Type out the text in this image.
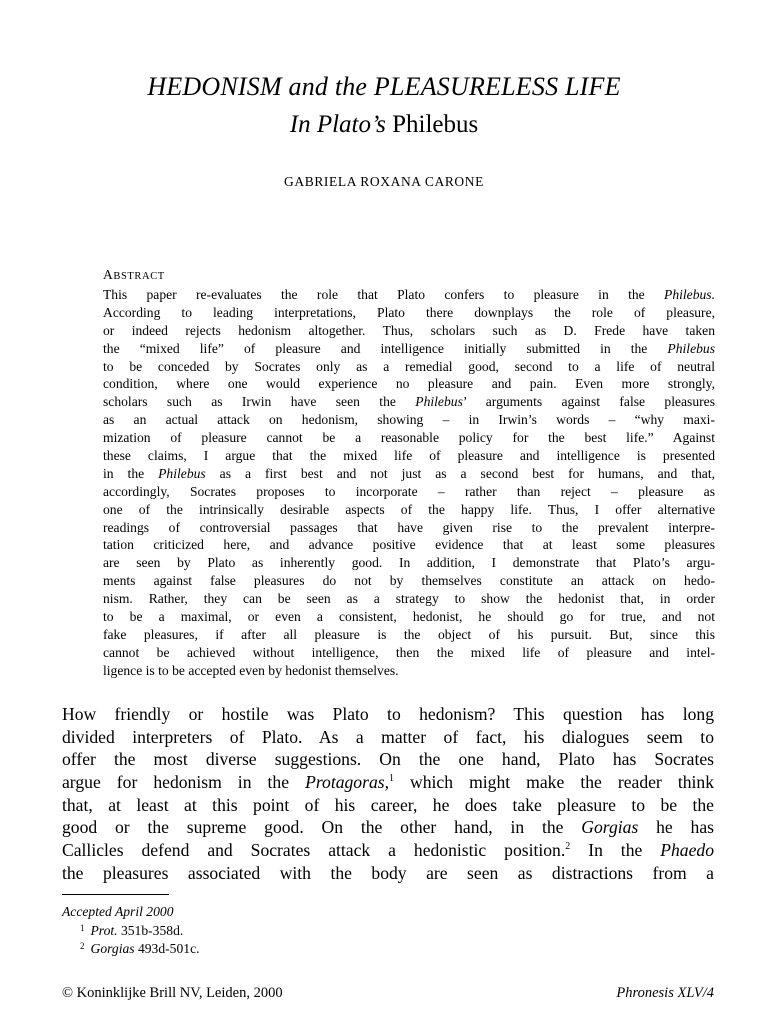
HEDONISM and the PLEASURELESS LIFE
In Plato’s Philebus
GABRIELA ROXANA CARONE
ABSTRACT
This paper re-evaluates the role that Plato confers to pleasure in the Philebus.
According to leading interpretations, Plato there downplays the role of pleasure,
or indeed rejects hedonism altogether. Thus, scholars such as D. Frede have taken
the “mixed life” of pleasure and intelligence initially submitted in the Philebus
to be conceded by Socrates only as a remedial good, second to a life of neutral
condition, where one would experience no pleasure and pain. Even more strongly,
scholars such as Irwin have seen the Philebus’ arguments against false pleasures
as an actual attack on hedonism, showing – in Irwin’s words – “why maxi-
mization of pleasure cannot be a reasonable policy for the best life.” Against
these claims, I argue that the mixed life of pleasure and intelligence is presented
in the Philebus as a first best and not just as a second best for humans, and that,
accordingly, Socrates proposes to incorporate – rather than reject – pleasure as
one of the intrinsically desirable aspects of the happy life. Thus, I offer alternative
readings of controversial passages that have given rise to the prevalent interpre-
tation criticized here, and advance positive evidence that at least some pleasures
are seen by Plato as inherently good. In addition, I demonstrate that Plato’s argu-
ments against false pleasures do not by themselves constitute an attack on hedo-
nism. Rather, they can be seen as a strategy to show the hedonist that, in order
to be a maximal, or even a consistent, hedonist, he should go for true, and not
fake pleasures, if after all pleasure is the object of his pursuit. But, since this
cannot be achieved without intelligence, then the mixed life of pleasure and intel-
ligence is to be accepted even by hedonist themselves.
How friendly or hostile was Plato to hedonism? This question has long
divided interpreters of Plato. As a matter of fact, his dialogues seem to
offer the most diverse suggestions. On the one hand, Plato has Socrates
argue for hedonism in the Protagoras,$^1$ which might make the reader think
that, at least at this point of his career, he does take pleasure to be the
good or the supreme good. On the other hand, in the Gorgias he has
Callicles defend and Socrates attack a hedonistic position.$^2$ In the Phaedo
the pleasures associated with the body are seen as distractions from a
Accepted April 2000
$^1$ Prot. 351b-358d.
$^2$ Gorgias 493d-501c.
© Koninklijke Brill NV, Leiden, 2000	Phronesis XLV/4
